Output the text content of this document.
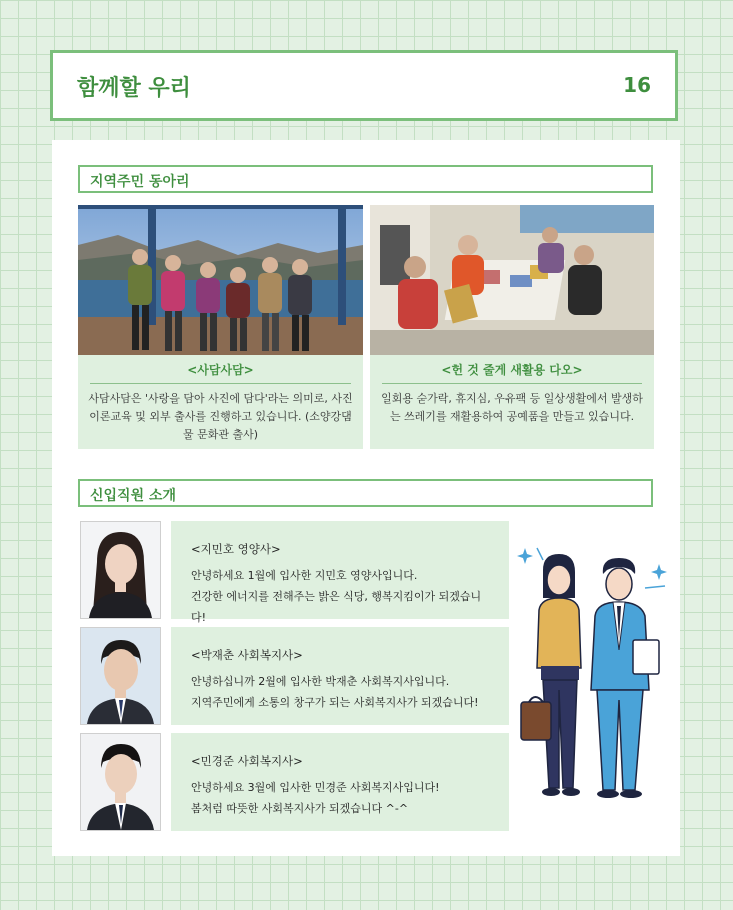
함께할 우리	16
지역주민 동아리
<사담사담>
사담사담은 '사랑을 담아 사진에 담다'라는 의미로, 사진 이론교육 및 외부 출사를 진행하고 있습니다. (소양강댐 물 문화관 출사)
<헌 것 줄게 새활용 다오>
일회용 숟가락, 휴지심, 우유팩 등 일상생활에서 발생하는 쓰레기를 재활용하여 공예품을 만들고 있습니다.
신입직원 소개
<지민호 영양사>
안녕하세요 1월에 입사한 지민호 영양사입니다.
건강한 에너지를 전해주는 밝은 식당, 행복지킴이가 되겠습니다!
<박재춘 사회복지사>
안녕하십니까 2월에 입사한 박재춘 사회복지사입니다.
지역주민에게 소통의 창구가 되는 사회복지사가 되겠습니다!
<민경준 사회복지사>
안녕하세요 3월에 입사한 민경준 사회복지사입니다!
봄처럼 따뜻한 사회복지사가 되겠습니다 ^-^
